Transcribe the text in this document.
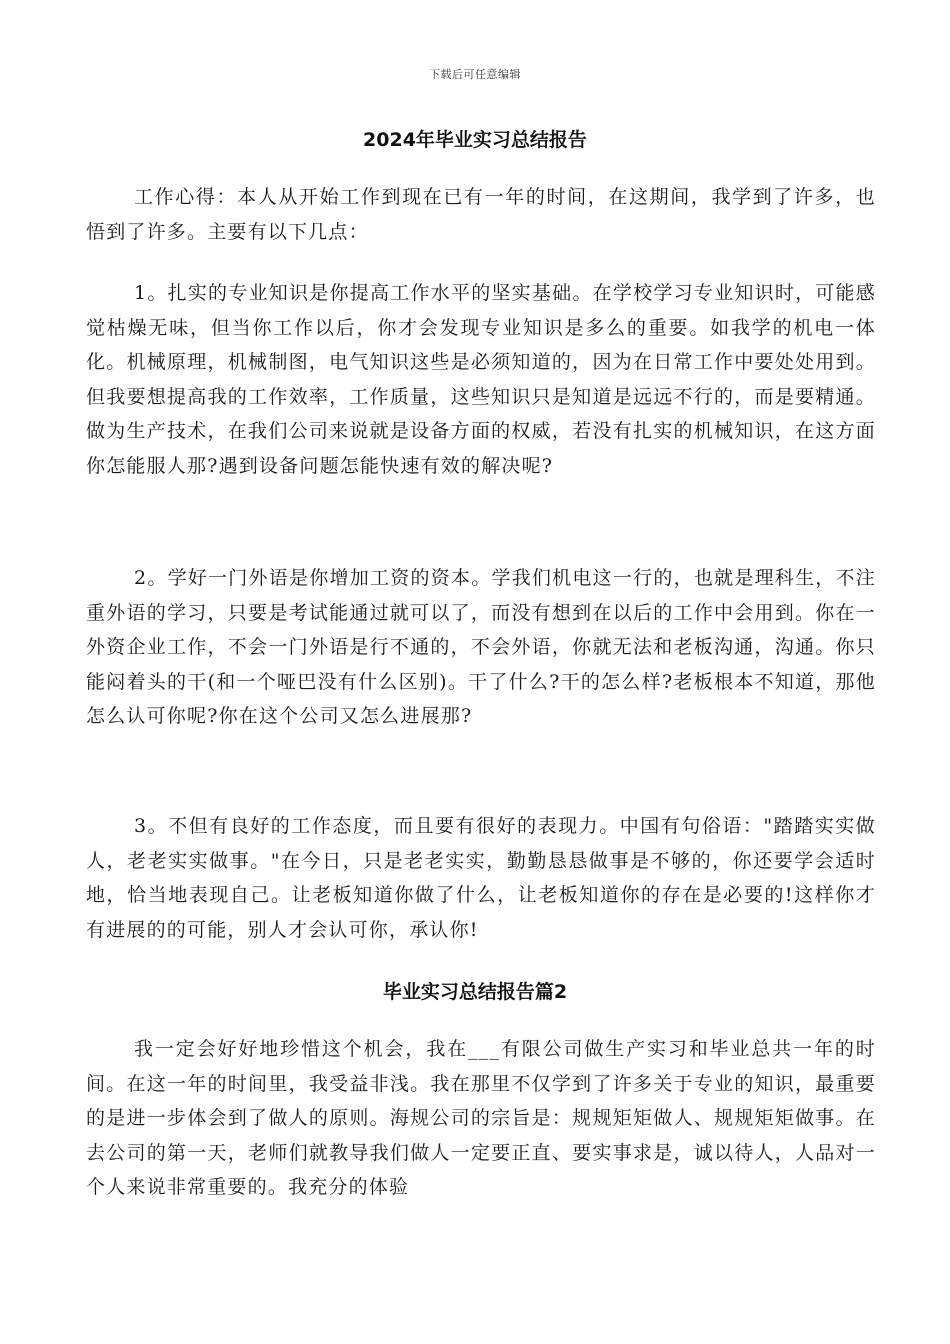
下载后可任意编辑
2024年毕业实习总结报告

工作心得：本人从开始工作到现在已有一年的时间，在这期间，我学到了许多，也悟到了许多。主要有以下几点：

1。扎实的专业知识是你提高工作水平的坚实基础。在学校学习专业知识时，可能感觉枯燥无味，但当你工作以后，你才会发现专业知识是多么的重要。如我学的机电一体化。机械原理，机械制图，电气知识这些是必须知道的，因为在日常工作中要处处用到。但我要想提高我的工作效率，工作质量，这些知识只是知道是远远不行的，而是要精通。做为生产技术，在我们公司来说就是设备方面的权威，若没有扎实的机械知识，在这方面你怎能服人那?遇到设备问题怎能快速有效的解决呢?

2。学好一门外语是你增加工资的资本。学我们机电这一行的，也就是理科生，不注重外语的学习，只要是考试能通过就可以了，而没有想到在以后的工作中会用到。你在一外资企业工作，不会一门外语是行不通的，不会外语，你就无法和老板沟通，沟通。你只能闷着头的干(和一个哑巴没有什么区别)。干了什么?干的怎么样?老板根本不知道，那他怎么认可你呢?你在这个公司又怎么进展那?

3。不但有良好的工作态度，而且要有很好的表现力。中国有句俗语："踏踏实实做人，老老实实做事。"在今日，只是老老实实，勤勤恳恳做事是不够的，你还要学会适时地，恰当地表现自己。让老板知道你做了什么，让老板知道你的存在是必要的!这样你才有进展的的可能，别人才会认可你，承认你!

毕业实习总结报告篇2

我一定会好好地珍惜这个机会，我在___有限公司做生产实习和毕业总共一年的时间。在这一年的时间里，我受益非浅。我在那里不仅学到了许多关于专业的知识，最重要的是进一步体会到了做人的原则。海规公司的宗旨是：规规矩矩做人、规规矩矩做事。在去公司的第一天，老师们就教导我们做人一定要正直、要实事求是，诚以待人，人品对一个人来说非常重要的。我充分的体验
